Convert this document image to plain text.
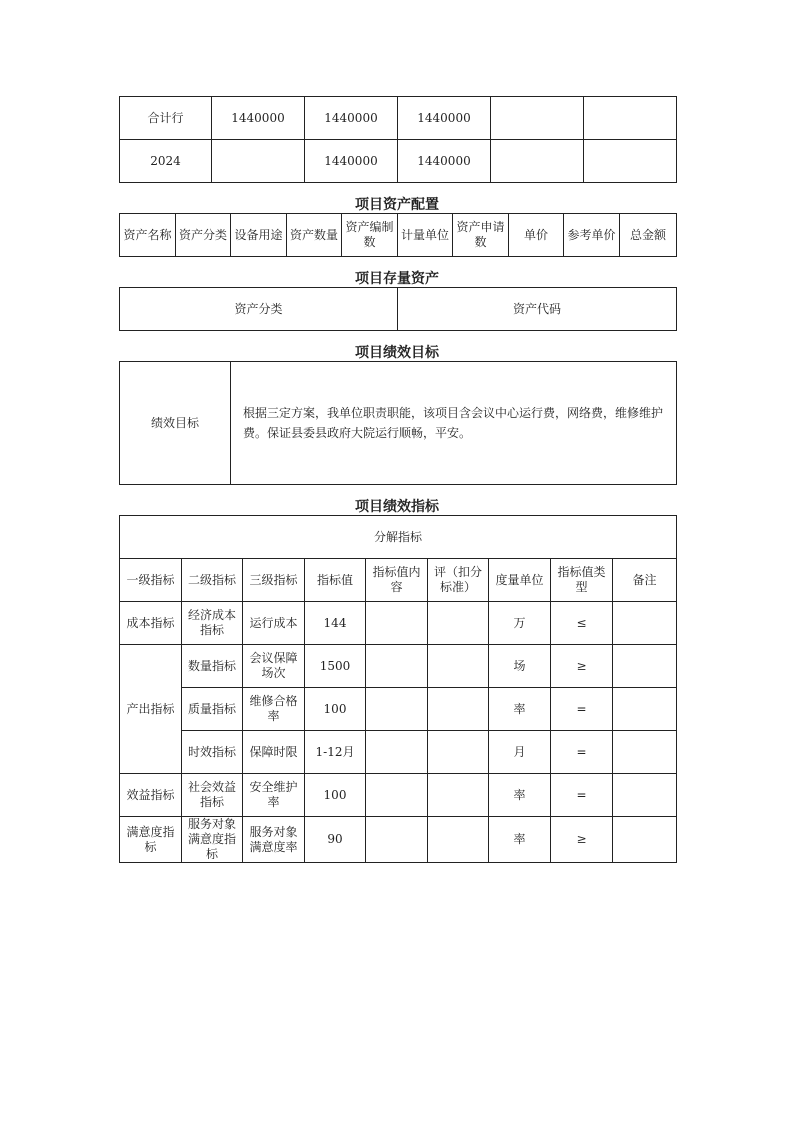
合计行	1440000	1440000	1440000		
2024		1440000	1440000		
项目资产配置
资产名称	资产分类	设备用途	资产数量	资产编制数	计量单位	资产申请数	单价	参考单价	总金额
项目存量资产
资产分类	资产代码
项目绩效目标
绩效目标	根据三定方案，我单位职责职能，该项目含会议中心运行费，网络费，维修维护费。保证县委县政府大院运行顺畅，平安。
项目绩效指标
分解指标								
一级指标	二级指标	三级指标	指标值	指标值内容	评（扣分标准）	度量单位	指标值类型	备注
成本指标	经济成本指标	运行成本	144			万	≤	
产出指标	数量指标	会议保障场次	1500			场	≥	
	质量指标	维修合格率	100			率	=	
	时效指标	保障时限	1-12月			月	=	
效益指标	社会效益指标	安全维护率	100			率	=	
满意度指标	服务对象满意度指标	服务对象满意度率	90			率	≥	
